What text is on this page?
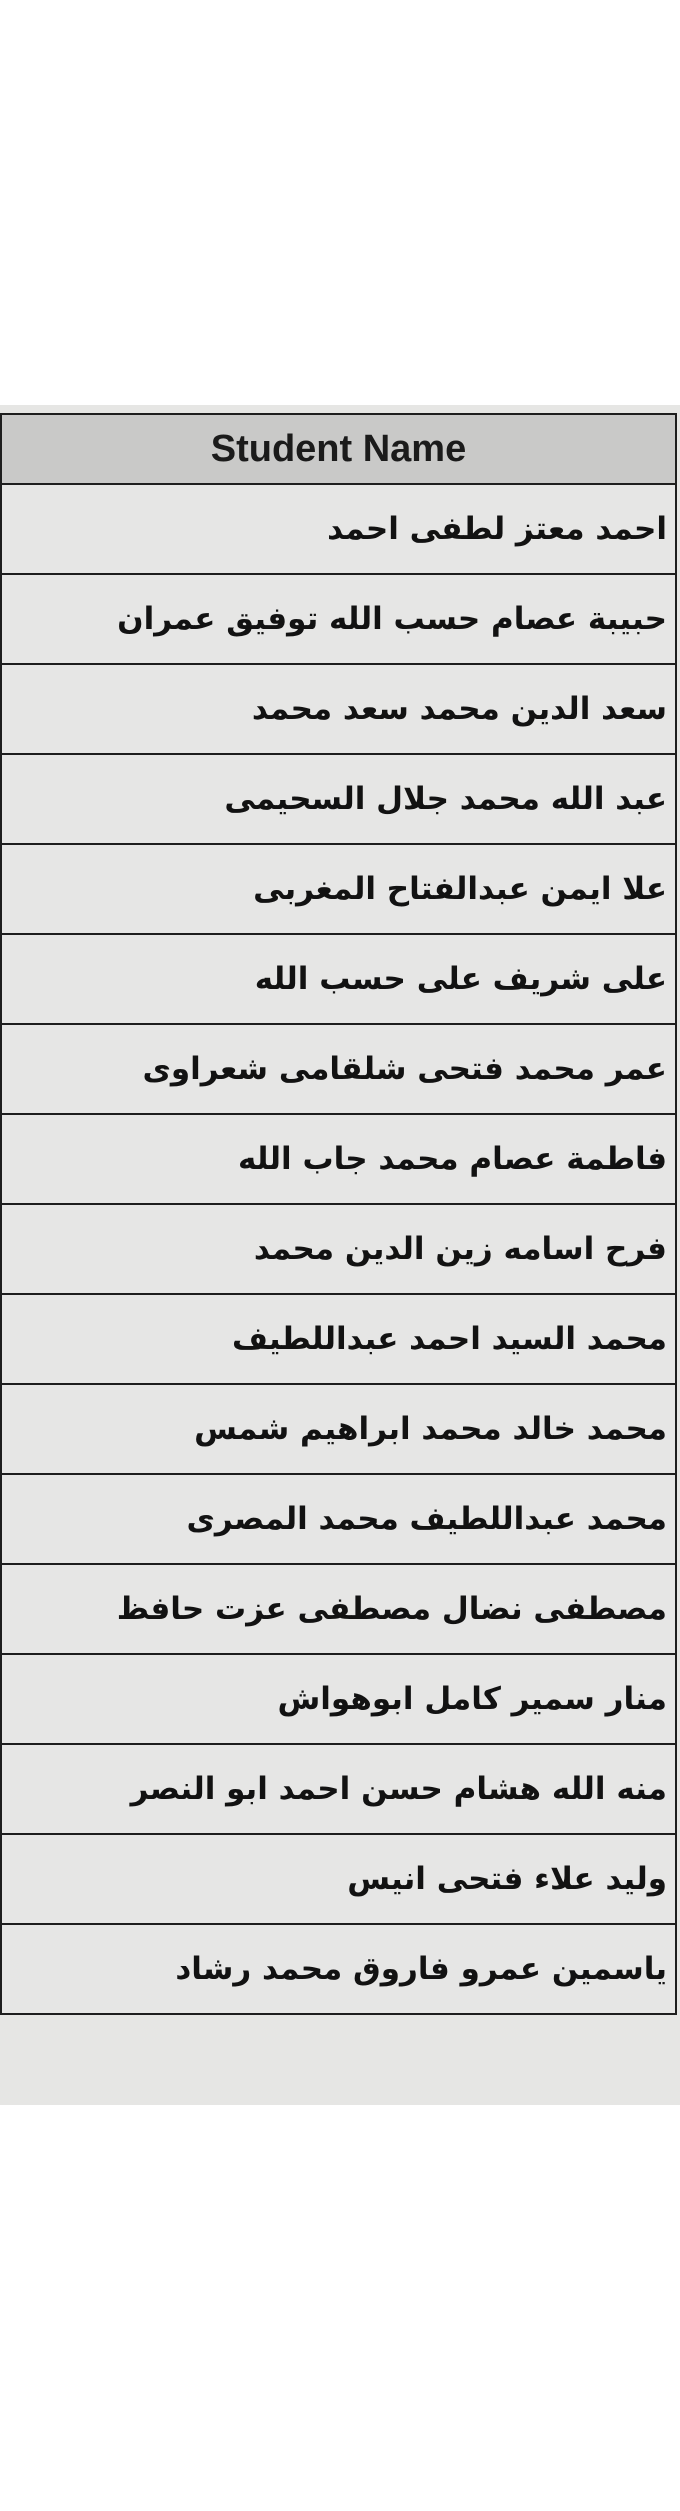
Student Name
احمد معتز لطفى احمد
حبيبة عصام حسب الله توفيق عمران
سعد الدين محمد سعد محمد
عبد الله محمد جلال السحيمى
علا ايمن عبدالفتاح المغربى
على شريف على حسب الله
عمر محمد فتحى شلقامى شعراوى
فاطمة عصام محمد جاب الله
فرح اسامه زين الدين محمد
محمد السيد احمد عبداللطيف
محمد خالد محمد ابراهيم شمس
محمد عبداللطيف محمد المصرى
مصطفى نضال مصطفى عزت حافظ
منار سمير كامل ابوهواش
منه الله هشام حسن احمد ابو النصر
وليد علاء فتحى انيس
ياسمين عمرو فاروق محمد رشاد
